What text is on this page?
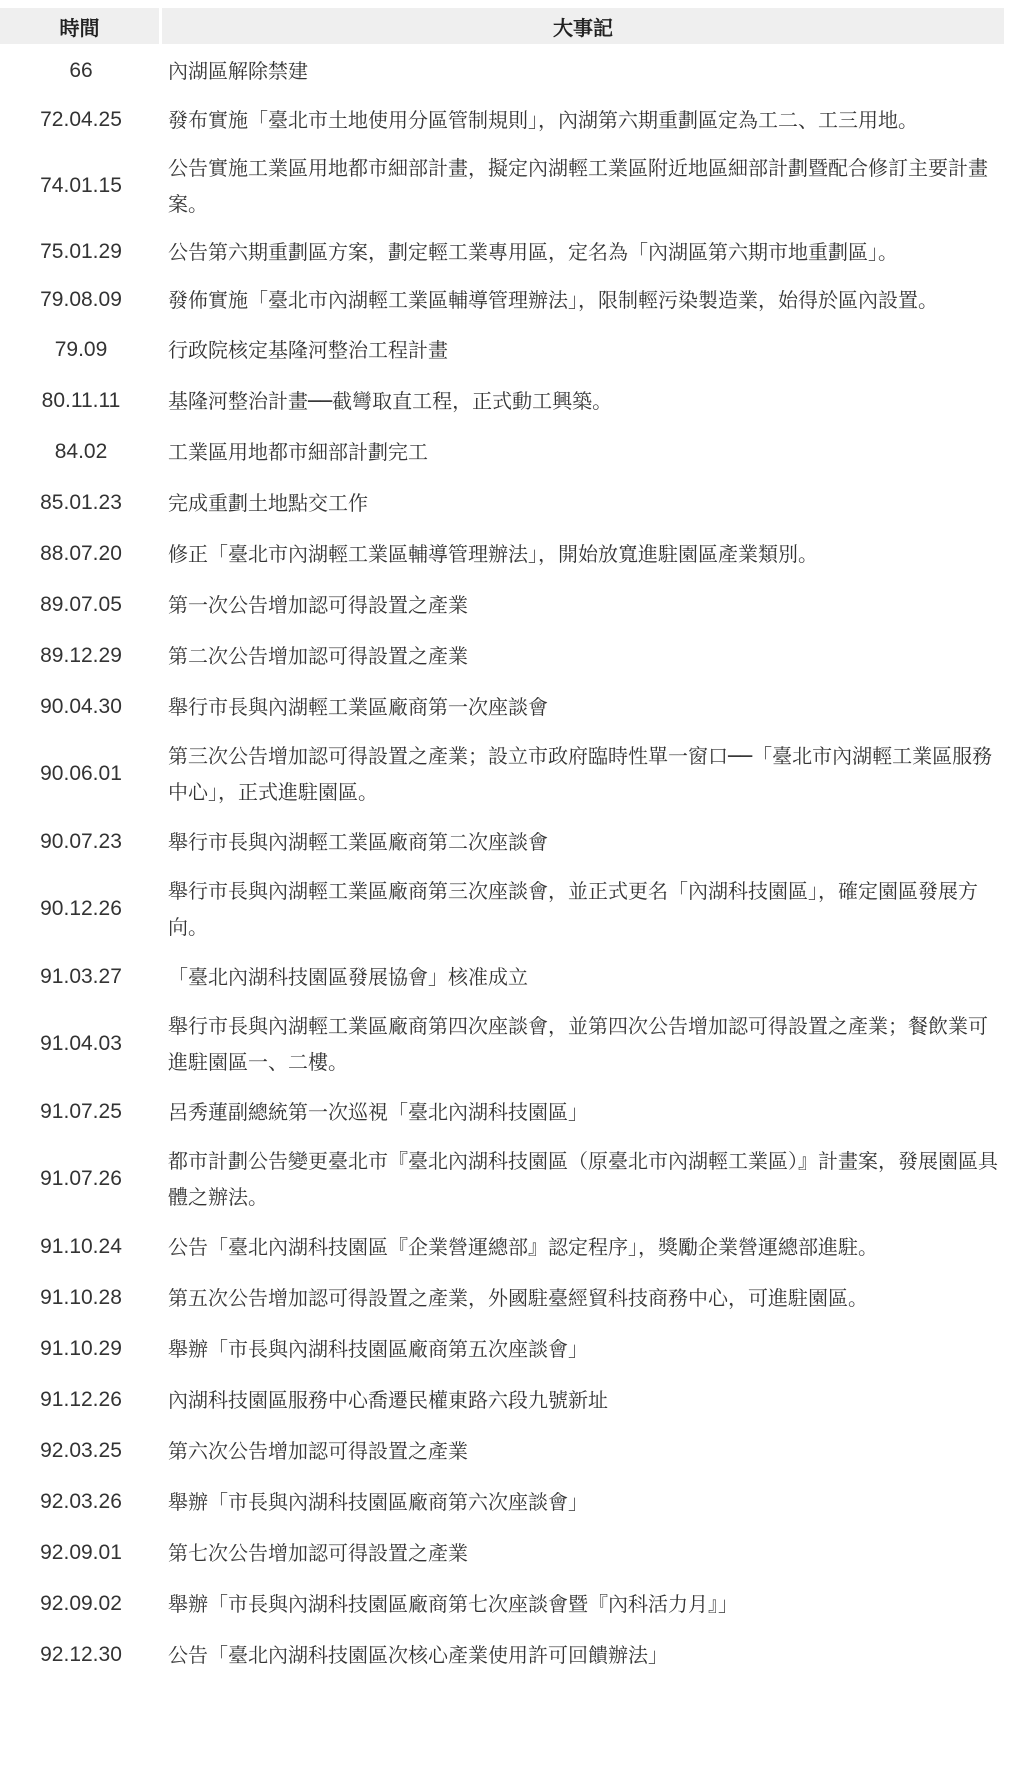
時間	大事記
66	內湖區解除禁建
72.04.25	發布實施「臺北市土地使用分區管制規則」，內湖第六期重劃區定為工二、工三用地。
74.01.15	公告實施工業區用地都市細部計畫，擬定內湖輕工業區附近地區細部計劃暨配合修訂主要計畫案。
75.01.29	公告第六期重劃區方案，劃定輕工業專用區，定名為「內湖區第六期市地重劃區」。
79.08.09	發佈實施「臺北市內湖輕工業區輔導管理辦法」，限制輕污染製造業，始得於區內設置。
79.09	行政院核定基隆河整治工程計畫
80.11.11	基隆河整治計畫──截彎取直工程，正式動工興築。
84.02	工業區用地都市細部計劃完工
85.01.23	完成重劃土地點交工作
88.07.20	修正「臺北市內湖輕工業區輔導管理辦法」，開始放寬進駐園區產業類別。
89.07.05	第一次公告增加認可得設置之產業
89.12.29	第二次公告增加認可得設置之產業
90.04.30	舉行市長與內湖輕工業區廠商第一次座談會
90.06.01	第三次公告增加認可得設置之產業；設立市政府臨時性單一窗口──「臺北市內湖輕工業區服務中心」，正式進駐園區。
90.07.23	舉行市長與內湖輕工業區廠商第二次座談會
90.12.26	舉行市長與內湖輕工業區廠商第三次座談會，並正式更名「內湖科技園區」，確定園區發展方向。
91.03.27	「臺北內湖科技園區發展協會」核准成立
91.04.03	舉行市長與內湖輕工業區廠商第四次座談會，並第四次公告增加認可得設置之產業；餐飲業可進駐園區一、二樓。
91.07.25	呂秀蓮副總統第一次巡視「臺北內湖科技園區」
91.07.26	都市計劃公告變更臺北市『臺北內湖科技園區（原臺北市內湖輕工業區）』計畫案，發展園區具體之辦法。
91.10.24	公告「臺北內湖科技園區『企業營運總部』認定程序」，獎勵企業營運總部進駐。
91.10.28	第五次公告增加認可得設置之產業，外國駐臺經貿科技商務中心，可進駐園區。
91.10.29	舉辦「市長與內湖科技園區廠商第五次座談會」
91.12.26	內湖科技園區服務中心喬遷民權東路六段九號新址
92.03.25	第六次公告增加認可得設置之產業
92.03.26	舉辦「市長與內湖科技園區廠商第六次座談會」
92.09.01	第七次公告增加認可得設置之產業
92.09.02	舉辦「市長與內湖科技園區廠商第七次座談會暨『內科活力月』」
92.12.30	公告「臺北內湖科技園區次核心產業使用許可回饋辦法」
